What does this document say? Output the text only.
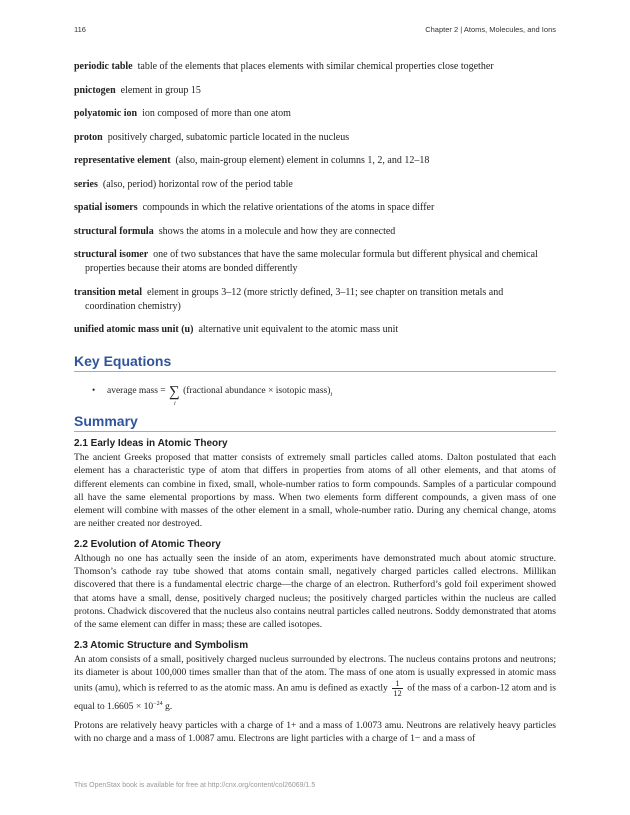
116	Chapter 2 | Atoms, Molecules, and Ions

periodic table table of the elements that places elements with similar chemical properties close together

pnictogen element in group 15

polyatomic ion ion composed of more than one atom

proton positively charged, subatomic particle located in the nucleus

representative element (also, main-group element) element in columns 1, 2, and 12–18

series (also, period) horizontal row of the period table

spatial isomers compounds in which the relative orientations of the atoms in space differ

structural formula shows the atoms in a molecule and how they are connected

structural isomer one of two substances that have the same molecular formula but different physical and chemical properties because their atoms are bonded differently

transition metal element in groups 3–12 (more strictly defined, 3–11; see chapter on transition metals and coordination chemistry)

unified atomic mass unit (u) alternative unit equivalent to the atomic mass unit

Key Equations
• average mass = ∑
i
(fractional abundance × isotopic $mass)_i$
Summary
2.1 Early Ideas in Atomic Theory

The ancient Greeks proposed that matter consists of extremely small particles called atoms. Dalton postulated that each element has a characteristic type of atom that differs in properties from atoms of all other elements, and that atoms of different elements can combine in fixed, small, whole-number ratios to form compounds. Samples of a particular compound all have the same elemental proportions by mass. When two elements form different compounds, a given mass of one element will combine with masses of the other element in a small, whole-number ratio. During any chemical change, atoms are neither created nor destroyed.

2.2 Evolution of Atomic Theory

Although no one has actually seen the inside of an atom, experiments have demonstrated much about atomic structure. Thomson’s cathode ray tube showed that atoms contain small, negatively charged particles called electrons. Millikan discovered that there is a fundamental electric charge—the charge of an electron. Rutherford’s gold foil experiment showed that atoms have a small, dense, positively charged nucleus; the positively charged particles within the nucleus are called protons. Chadwick discovered that the nucleus also contains neutral particles called neutrons. Soddy demonstrated that atoms of the same element can differ in mass; these are called isotopes.

2.3 Atomic Structure and Symbolism

An atom consists of a small, positively charged nucleus surrounded by electrons. The nucleus contains protons and neutrons; its diameter is about 100,000 times smaller than that of the atom. The mass of one atom is usually expressed in atomic mass units (amu), which is referred to as the atomic mass. An amu is defined as exactly $\frac{1}{12}$ of the mass of a carbon-12 atom and is equal to $1.6605 \times 10^{-24}$ g.

Protons are relatively heavy particles with a charge of 1+ and a mass of 1.0073 amu. Neutrons are relatively heavy particles with no charge and a mass of 1.0087 amu. Electrons are light particles with a charge of 1− and a mass of

This OpenStax book is available for free at http://cnx.org/content/col26069/1.5
